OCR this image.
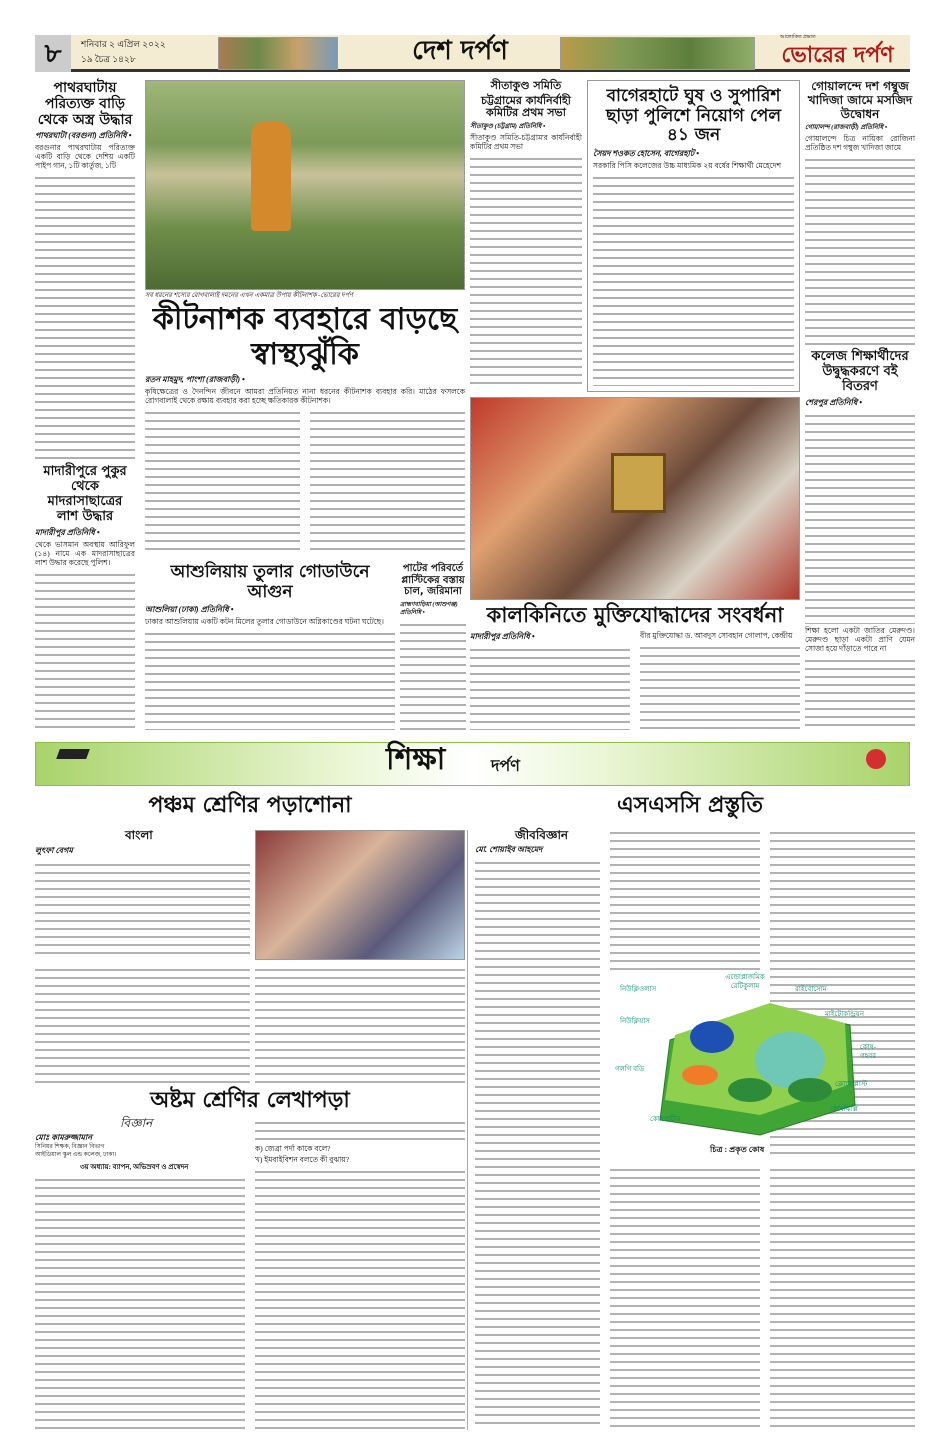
৮	শনিবার ২ এপ্রিল ২০২২
১৯ চৈত্র ১৪২৮	দেশ দর্পণ	আলোকিত প্রভাত
ভোরের দর্পণ
পাথরঘাটায় পরিত্যক্ত বাড়ি থেকে অস্ত্র উদ্ধার
পাথরঘাটা (বরগুনা) প্রতিনিধি •
বরগুনার পাথরঘাটায় পরিত্যক্ত একটি বাড়ি থেকে দেশিয় একটি পাইপ গান, ১টি কার্তুজ, ১টি
মাদারীপুরে পুকুর থেকে মাদরাসাছাত্রের লাশ উদ্ধার
মাদারীপুর প্রতিনিধি •
থেকে ভাসমান অবস্থায় আরিফুল (১৪) নামে এক মাদরাসাছাত্রের লাশ উদ্ধার করেছে পুলিশ।
সব ধরনের শস্যের রোগবালাই দমনের এখন একমাত্র উপায় কীটনাশক -ভোরের দর্পণ
কীটনাশক ব্যবহারে বাড়ছে স্বাস্থ্যঝুঁকি
রতন মাহমুদ, পাংশা (রাজবাড়ী) •
কৃষিক্ষেত্রের ও দৈনন্দিন জীবনে আমরা প্রতিনিয়ত নানা ধরনের কীটনাশক ব্যবহার করি। মাঠের ফসলকে রোগবালাই থেকে রক্ষায় ব্যবহার করা হচ্ছে ক্ষতিকারক কীটনাশক।
আশুলিয়ায় তুলার গোডাউনে আগুন
আশুলিয়া (ঢাকা) প্রতিনিধি •
ঢাকার আশুলিয়ায় একটি কটন মিলের তুলার গোডাউনে অগ্নিকাণ্ডের ঘটনা ঘটেছে।
পাটের পরিবর্তে প্লাস্টিকের বস্তায় চাল, জরিমানা
ব্রাহ্মণবাড়িয়া (আশুগঞ্জ) প্রতিনিধি •
সীতাকুণ্ড সমিতি
চট্টগ্রামের কার্যনির্বাহী কমিটির প্রথম সভা
সীতাকুণ্ড (চট্টগ্রাম) প্রতিনিধি •
সীতাকুণ্ড সমিতি-চট্টগ্রাম'র কার্যনির্বাহী কমিটির প্রথম সভা
বাগেরহাটে ঘুষ ও সুপারিশ ছাড়া পুলিশে নিয়োগ পেল ৪১ জন
সৈয়দ শওকত হোসেন, বাগেরহাট •
সরকারি পিসি কলেজের উচ্চ মাধ্যমিক ২য় বর্ষের শিক্ষার্থী মেহেদেশ
কালকিনিতে মুক্তিযোদ্ধাদের সংবর্ধনা
মাদারীপুর প্রতিনিধি •	বীর মুক্তিযোদ্ধা ড. আবদুস সোবহান গোলাপ, কেন্দ্রীয়
গোয়ালন্দে দশ গম্বুজ খাদিজা জামে মসজিদ উদ্বোধন
গোয়ালন্দ (রাজবাড়ী) প্রতিনিধি •
গোয়ালন্দে চিত্র নায়িকা রোজিনা প্রতিষ্ঠিত দশ গম্বুজ খাদিজা জামে
কলেজ শিক্ষার্থীদের উদ্বুদ্ধকরণে বই বিতরণ
শেরপুর প্রতিনিধি •
শিক্ষা হলো একটা জাতির মেরুদণ্ড। মেরুদণ্ড ছাড়া একটা প্রাণি যেমন সোজা হয়ে দাঁড়াতে পারে না
শিক্ষা	দর্পণ
পঞ্চম শ্রেণির পড়াশোনা
বাংলা
লুৎফা বেগম
অষ্টম শ্রেণির লেখাপড়া
বিজ্ঞান
মোঃ কামরুজ্জামান
সিনিয়র শিক্ষক, বিজ্ঞান বিভাগ
আইডিয়াল স্কুল এন্ড কলেজ, ঢাকা।
৩য় অধ্যায়: ব্যাপন, অভিস্রবণ ও প্রস্বেদন
ক) জেব্রা পর্দা কাকে বলে?
খ) ইমবাইবিশন বলতে কী বুঝায়?
এসএসসি প্রস্তুতি
জীববিজ্ঞান
মো. শোয়াইব আহমেদ
নিউক্লিওলাস
এন্ডোপ্লাজমিক রেটিকুলাম	রাইবোসোম
নিউক্লিয়াস
মাইটোকন্ড্রিয়ন
গলগি বডি
কোষ-গহবর
ক্লোরোপ্লাস্ট
কোষঝিল্লি
কোষপ্রাচীর
চিত্র : প্রকৃত কোষ
